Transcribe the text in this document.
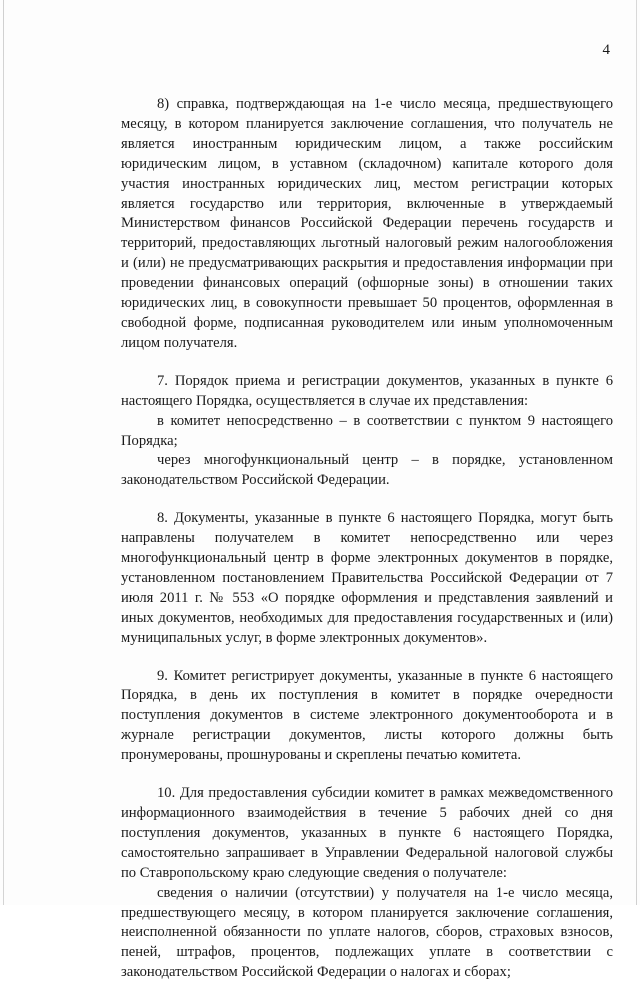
4

8) справка, подтверждающая на 1-е число месяца, предшествующего месяцу, в котором планируется заключение соглашения, что получатель не является иностранным юридическим лицом, а также российским юридическим лицом, в уставном (складочном) капитале которого доля участия иностранных юридических лиц, местом регистрации которых является государство или территория, включенные в утверждаемый Министерством финансов Российской Федерации перечень государств и территорий, предоставляющих льготный налоговый режим налогообложения и (или) не предусматривающих раскрытия и предоставления информации при проведении финансовых операций (офшорные зоны) в отношении таких юридических лиц, в совокупности превышает 50 процентов, оформленная в свободной форме, подписанная руководителем или иным уполномоченным лицом получателя.

7. Порядок приема и регистрации документов, указанных в пункте 6 настоящего Порядка, осуществляется в случае их представления:

в комитет непосредственно – в соответствии с пунктом 9 настоящего Порядка;

через многофункциональный центр – в порядке, установленном законодательством Российской Федерации.

8. Документы, указанные в пункте 6 настоящего Порядка, могут быть направлены получателем в комитет непосредственно или через многофункциональный центр в форме электронных документов в порядке, установленном постановлением Правительства Российской Федерации от 7 июля 2011 г. № 553 «О порядке оформления и представления заявлений и иных документов, необходимых для предоставления государственных и (или) муниципальных услуг, в форме электронных документов».

9. Комитет регистрирует документы, указанные в пункте 6 настоящего Порядка, в день их поступления в комитет в порядке очередности поступления документов в системе электронного документооборота и в журнале регистрации документов, листы которого должны быть пронумерованы, прошнурованы и скреплены печатью комитета.

10. Для предоставления субсидии комитет в рамках межведомственного информационного взаимодействия в течение 5 рабочих дней со дня поступления документов, указанных в пункте 6 настоящего Порядка, самостоятельно запрашивает в Управлении Федеральной налоговой службы по Ставропольскому краю следующие сведения о получателе:

сведения о наличии (отсутствии) у получателя на 1-е число месяца, предшествующего месяцу, в котором планируется заключение соглашения, неисполненной обязанности по уплате налогов, сборов, страховых взносов, пеней, штрафов, процентов, подлежащих уплате в соответствии с законодательством Российской Федерации о налогах и сборах;
